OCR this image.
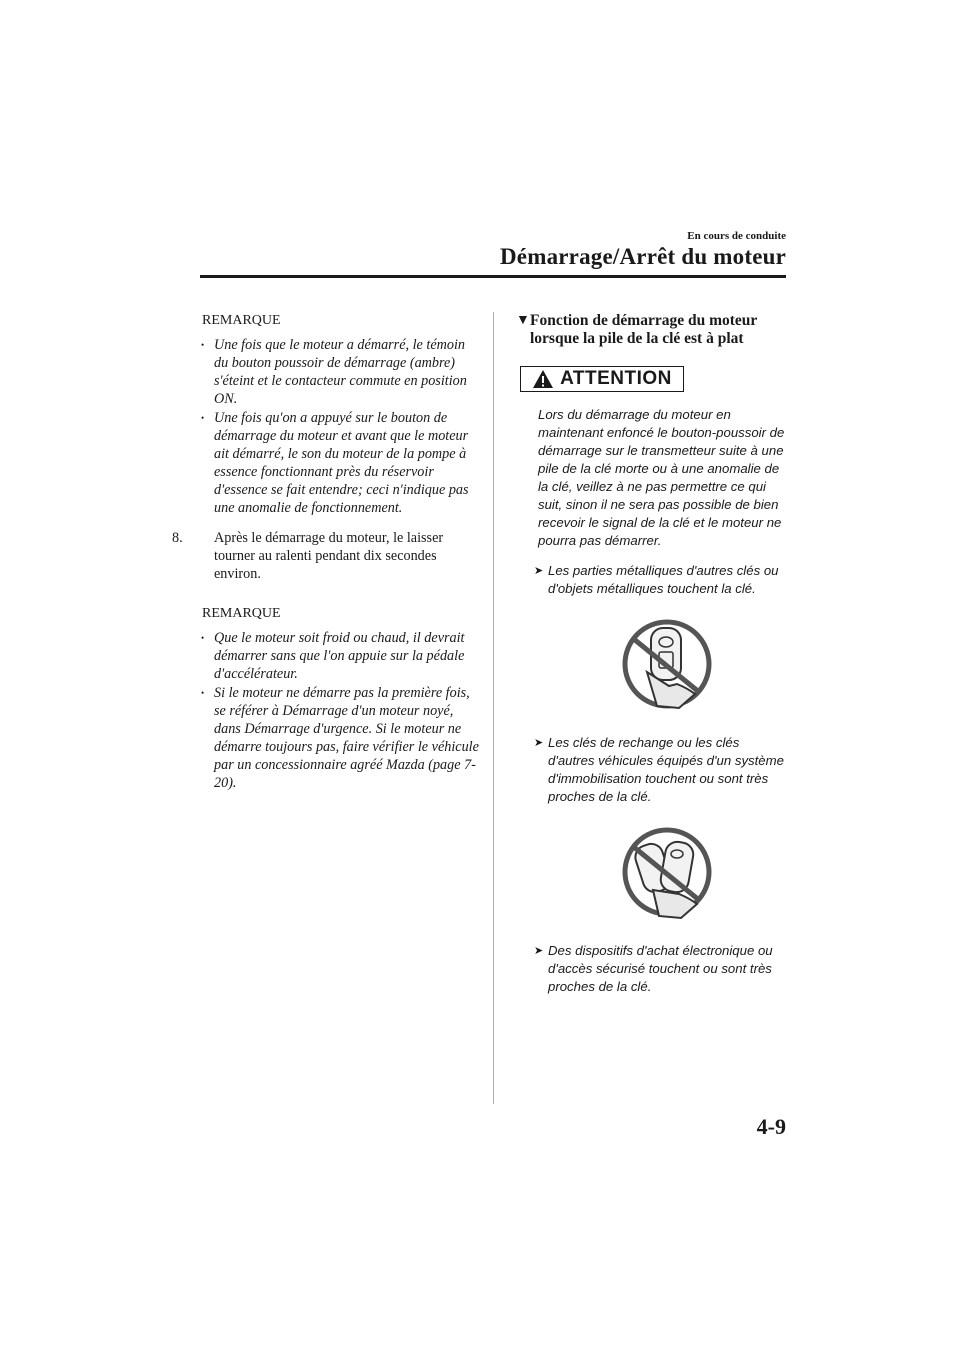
En cours de conduite
Démarrage/Arrêt du moteur
REMARQUE
• Une fois que le moteur a démarré, le témoin du bouton poussoir de démarrage (ambre) s'éteint et le contacteur commute en position ON.
• Une fois qu'on a appuyé sur le bouton de démarrage du moteur et avant que le moteur ait démarré, le son du moteur de la pompe à essence fonctionnant près du réservoir d'essence se fait entendre; ceci n'indique pas une anomalie de fonctionnement.
8.	Après le démarrage du moteur, le laisser tourner au ralenti pendant dix secondes environ.
REMARQUE
• Que le moteur soit froid ou chaud, il devrait démarrer sans que l'on appuie sur la pédale d'accélérateur.
• Si le moteur ne démarre pas la première fois, se référer à Démarrage d'un moteur noyé, dans Démarrage d'urgence. Si le moteur ne démarre toujours pas, faire vérifier le véhicule par un concessionnaire agréé Mazda (page 7-20).
▼ Fonction de démarrage du moteur lorsque la pile de la clé est à plat
ATTENTION
Lors du démarrage du moteur en maintenant enfoncé le bouton-poussoir de démarrage sur le transmetteur suite à une pile de la clé morte ou à une anomalie de la clé, veillez à ne pas permettre ce qui suit, sinon il ne sera pas possible de bien recevoir le signal de la clé et le moteur ne pourra pas démarrer.
➤ Les parties métalliques d'autres clés ou d'objets métalliques touchent la clé.
➤ Les clés de rechange ou les clés d'autres véhicules équipés d'un système d'immobilisation touchent ou sont très proches de la clé.
➤ Des dispositifs d'achat électronique ou d'accès sécurisé touchent ou sont très proches de la clé.
4-9
